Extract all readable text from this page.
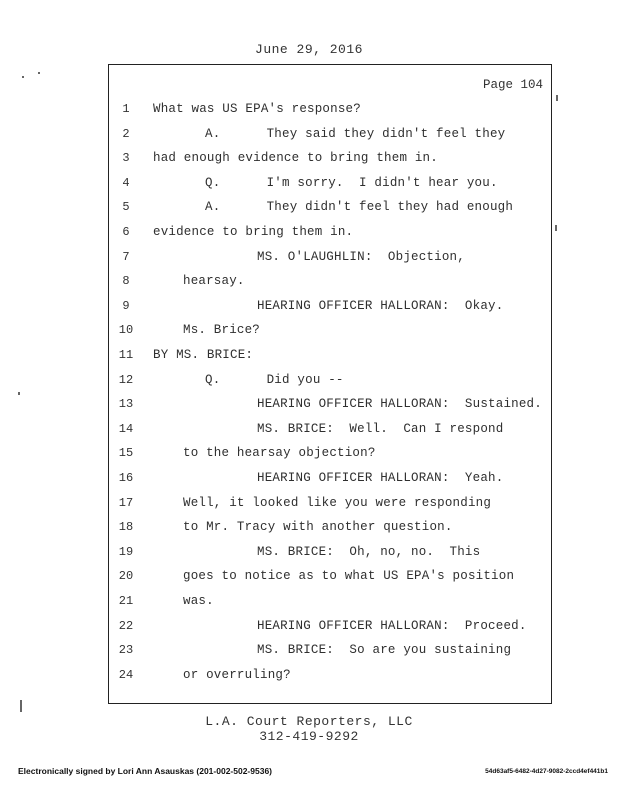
June 29, 2016
Page 104
1	What was US EPA's response?
2	A.      They said they didn't feel they
3	had enough evidence to bring them in.
4	Q.      I'm sorry.  I didn't hear you.
5	A.      They didn't feel they had enough
6	evidence to bring them in.
7	MS. O'LAUGHLIN:  Objection,
8	hearsay.
9	HEARING OFFICER HALLORAN:  Okay.
10	Ms. Brice?
11	BY MS. BRICE:
12	Q.      Did you --
13	HEARING OFFICER HALLORAN:  Sustained.
14	MS. BRICE:  Well.  Can I respond
15	to the hearsay objection?
16	HEARING OFFICER HALLORAN:  Yeah.
17	Well, it looked like you were responding
18	to Mr. Tracy with another question.
19	MS. BRICE:  Oh, no, no.  This
20	goes to notice as to what US EPA's position
21	was.
22	HEARING OFFICER HALLORAN:  Proceed.
23	MS. BRICE:  So are you sustaining
24	or overruling?
L.A. Court Reporters, LLC
312-419-9292
Electronically signed by Lori Ann Asauskas (201-002-502-9536)	54d63af5-6482-4d27-9082-2ccd4ef441b1
